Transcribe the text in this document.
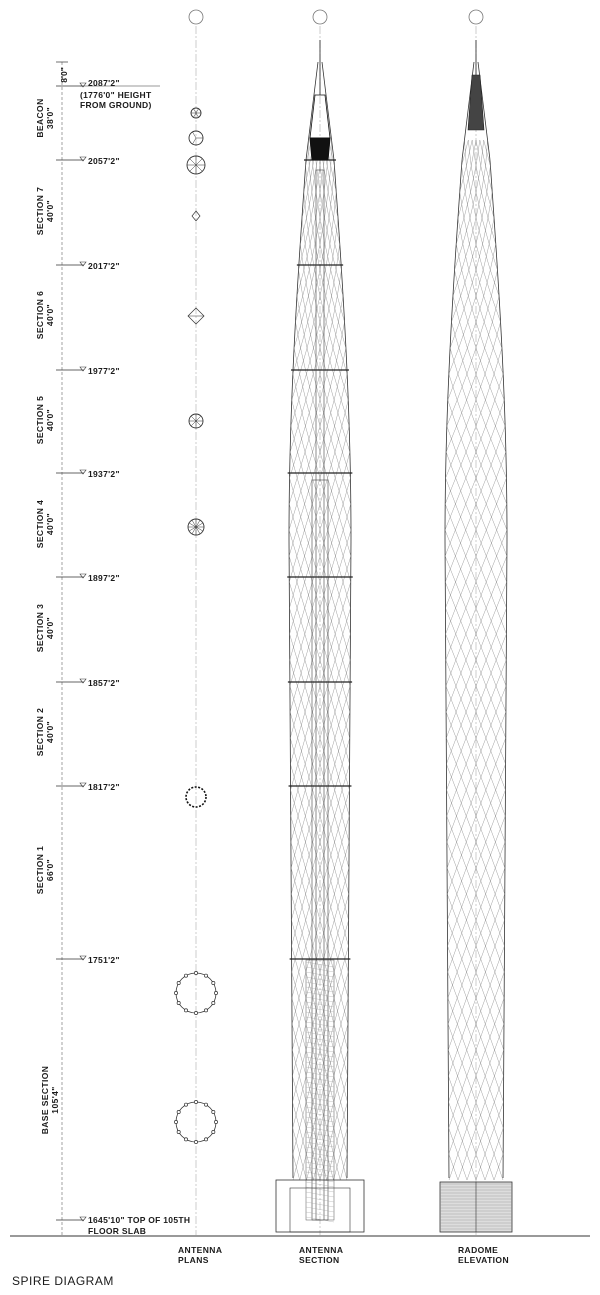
8'0"
2087'2"
(1776'0" HEIGHT
FROM GROUND)
2057'2"
2017'2"
1977'2"
1937'2"
1897'2"
1857'2"
1817'2"
1751'2"
1645'10" TOP OF 105TH
FLOOR SLAB
BEACON 38'0"
SECTION 7 40'0"
SECTION 6 40'0"
SECTION 5 40'0"
SECTION 4 40'0"
SECTION 3 40'0"
SECTION 2 40'0"
SECTION 1 66'0"
BASE SECTION 105'4"
ANTENNA
PLANS
ANTENNA
SECTION
RADOME
ELEVATION
SPIRE DIAGRAM
